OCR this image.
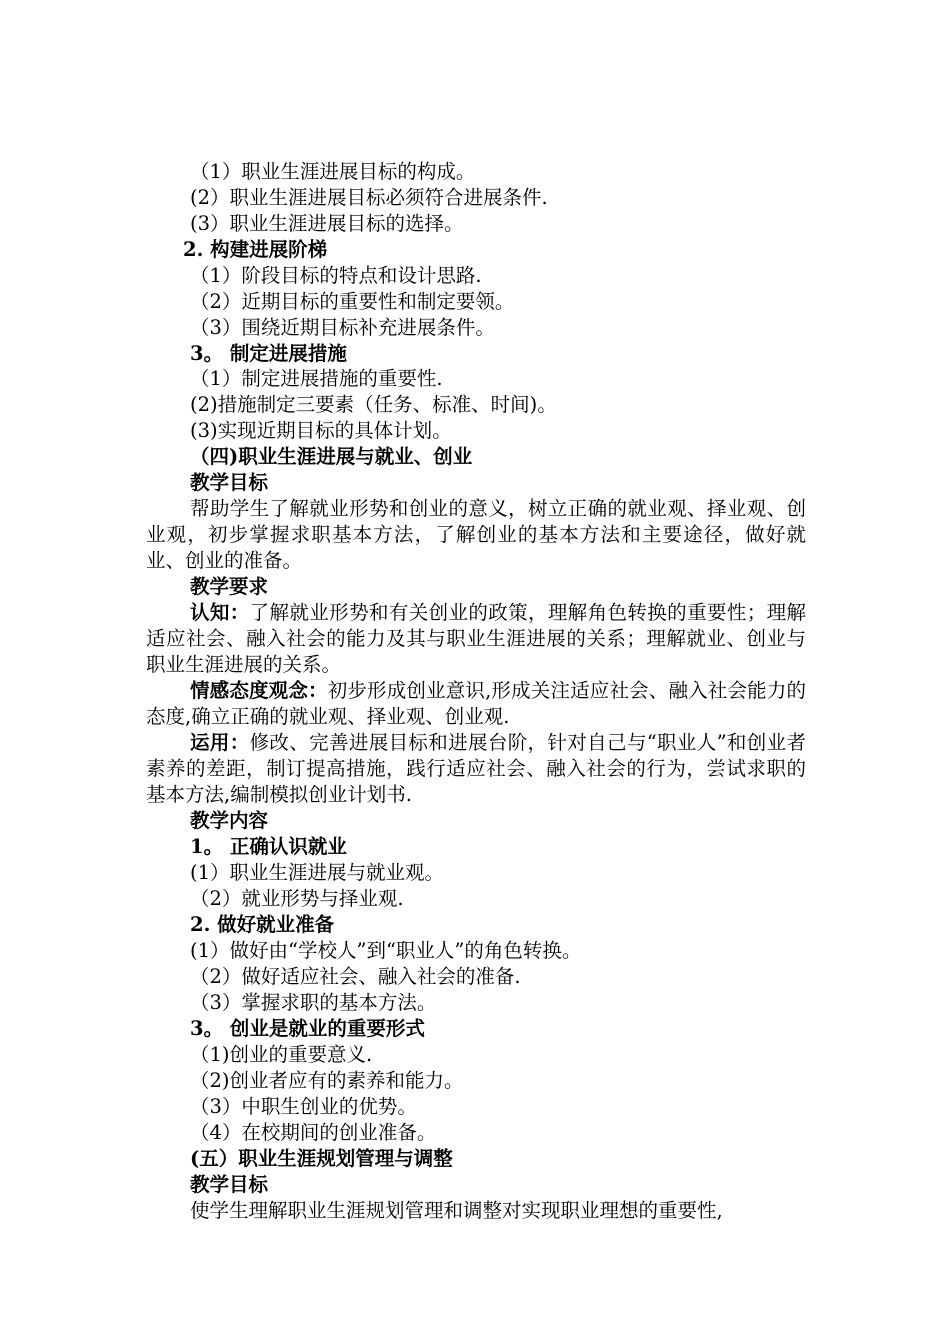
（1）职业生涯进展目标的构成。
(2）职业生涯进展目标必须符合进展条件.
(3）职业生涯进展目标的选择。
2. 构建进展阶梯
（1）阶段目标的特点和设计思路.
（2）近期目标的重要性和制定要领。
（3）围绕近期目标补充进展条件。
3。 制定进展措施
（1）制定进展措施的重要性.
(2)措施制定三要素（任务、标准、时间)。
(3)实现近期目标的具体计划。
（四)职业生涯进展与就业、创业
教学目标
帮助学生了解就业形势和创业的意义，树立正确的就业观、择业观、创业观，初步掌握求职基本方法，了解创业的基本方法和主要途径，做好就业、创业的准备。
教学要求
认知：了解就业形势和有关创业的政策，理解角色转换的重要性；理解适应社会、融入社会的能力及其与职业生涯进展的关系；理解就业、创业与职业生涯进展的关系。
情感态度观念：初步形成创业意识,形成关注适应社会、融入社会能力的态度,确立正确的就业观、择业观、创业观.
运用：修改、完善进展目标和进展台阶，针对自己与“职业人”和创业者素养的差距，制订提高措施，践行适应社会、融入社会的行为，尝试求职的基本方法,编制模拟创业计划书.
教学内容
1。 正确认识就业
(1）职业生涯进展与就业观。
（2）就业形势与择业观.
2. 做好就业准备
(1）做好由“学校人”到“职业人”的角色转换。
（2）做好适应社会、融入社会的准备.
（3）掌握求职的基本方法。
3。 创业是就业的重要形式
（1)创业的重要意义.
（2)创业者应有的素养和能力。
（3）中职生创业的优势。
（4）在校期间的创业准备。
(五）职业生涯规划管理与调整
教学目标
使学生理解职业生涯规划管理和调整对实现职业理想的重要性,
